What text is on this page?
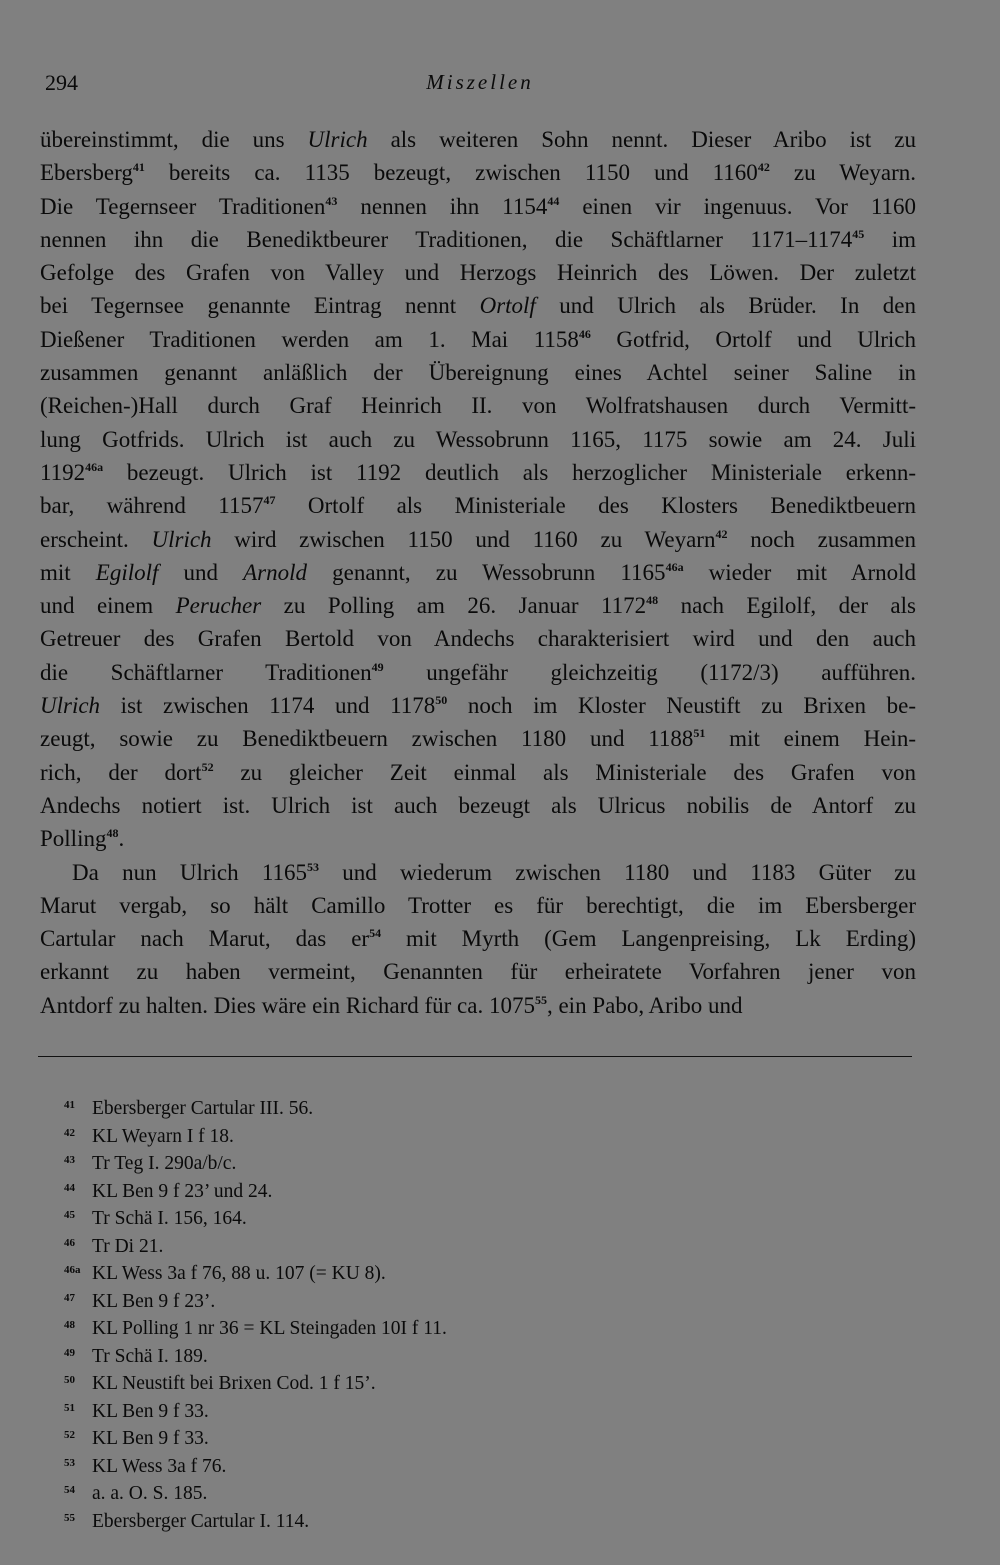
294	Miszellen
übereinstimmt, die uns Ulrich als weiteren Sohn nennt. Dieser Aribo ist zu
Ebersberg$^{41}$ bereits ca. 1135 bezeugt, zwischen 1150 und 1160$^{42}$ zu Weyarn.
Die Tegernseer Traditionen$^{43}$ nennen ihn 1154$^{44}$ einen vir ingenuus. Vor 1160
nennen ihn die Benediktbeurer Traditionen, die Schäftlarner 1171–1174$^{45}$ im
Gefolge des Grafen von Valley und Herzogs Heinrich des Löwen. Der zuletzt
bei Tegernsee genannte Eintrag nennt Ortolf und Ulrich als Brüder. In den
Dießener Traditionen werden am 1. Mai 1158$^{46}$ Gotfrid, Ortolf und Ulrich
zusammen genannt anläßlich der Übereignung eines Achtel seiner Saline in
(Reichen-)Hall durch Graf Heinrich II. von Wolfratshausen durch Vermitt-
lung Gotfrids. Ulrich ist auch zu Wessobrunn 1165, 1175 sowie am 24. Juli
$1192^{46a}$ bezeugt. Ulrich ist 1192 deutlich als herzoglicher Ministeriale erkenn-
bar, während 1157$^{47}$ Ortolf als Ministeriale des Klosters Benediktbeuern
erscheint. Ulrich wird zwischen 1150 und 1160 zu Weyarn$^{42}$ noch zusammen
mit Egilolf und Arnold genannt, zu Wessobrunn $1165^{46a}$ wieder mit Arnold
und einem Perucher zu Polling am 26. Januar 1172$^{48}$ nach Egilolf, der als
Getreuer des Grafen Bertold von Andechs charakterisiert wird und den auch
die Schäftlarner Traditionen$^{49}$ ungefähr gleichzeitig (1172/3) aufführen.
Ulrich ist zwischen 1174 und 1178$^{50}$ noch im Kloster Neustift zu Brixen be-
zeugt, sowie zu Benediktbeuern zwischen 1180 und 1188$^{51}$ mit einem Hein-
rich, der dort$^{52}$ zu gleicher Zeit einmal als Ministeriale des Grafen von
Andechs notiert ist. Ulrich ist auch bezeugt als Ulricus nobilis de Antorf zu
Polling$^{48}$.
Da nun Ulrich 1165$^{53}$ und wiederum zwischen 1180 und 1183 Güter zu
Marut vergab, so hält Camillo Trotter es für berechtigt, die im Ebersberger
Cartular nach Marut, das $er^{54}$ mit Myrth (Gem Langenpreising, Lk Erding)
erkannt zu haben vermeint, Genannten für erheiratete Vorfahren jener von
Antdorf zu halten. Dies wäre ein Richard für ca. 1075$^{55}$, ein Pabo, Aribo und
41 Ebersberger Cartular III. 56.
42 KL Weyarn I f 18.
43 Tr Teg I. 290a/b/c.
44 KL Ben 9 f 23’ und 24.
45 Tr Schä I. 156, 164.
46 Tr Di 21.
46a KL Wess 3a f 76, 88 u. 107 (= KU 8).
47 KL Ben 9 f 23’.
48 KL Polling 1 nr 36 = KL Steingaden 10I f 11.
49 Tr Schä I. 189.
50 KL Neustift bei Brixen Cod. 1 f 15’.
51 KL Ben 9 f 33.
52 KL Ben 9 f 33.
53 KL Wess 3a f 76.
54 a. a. O. S. 185.
55 Ebersberger Cartular I. 114.
